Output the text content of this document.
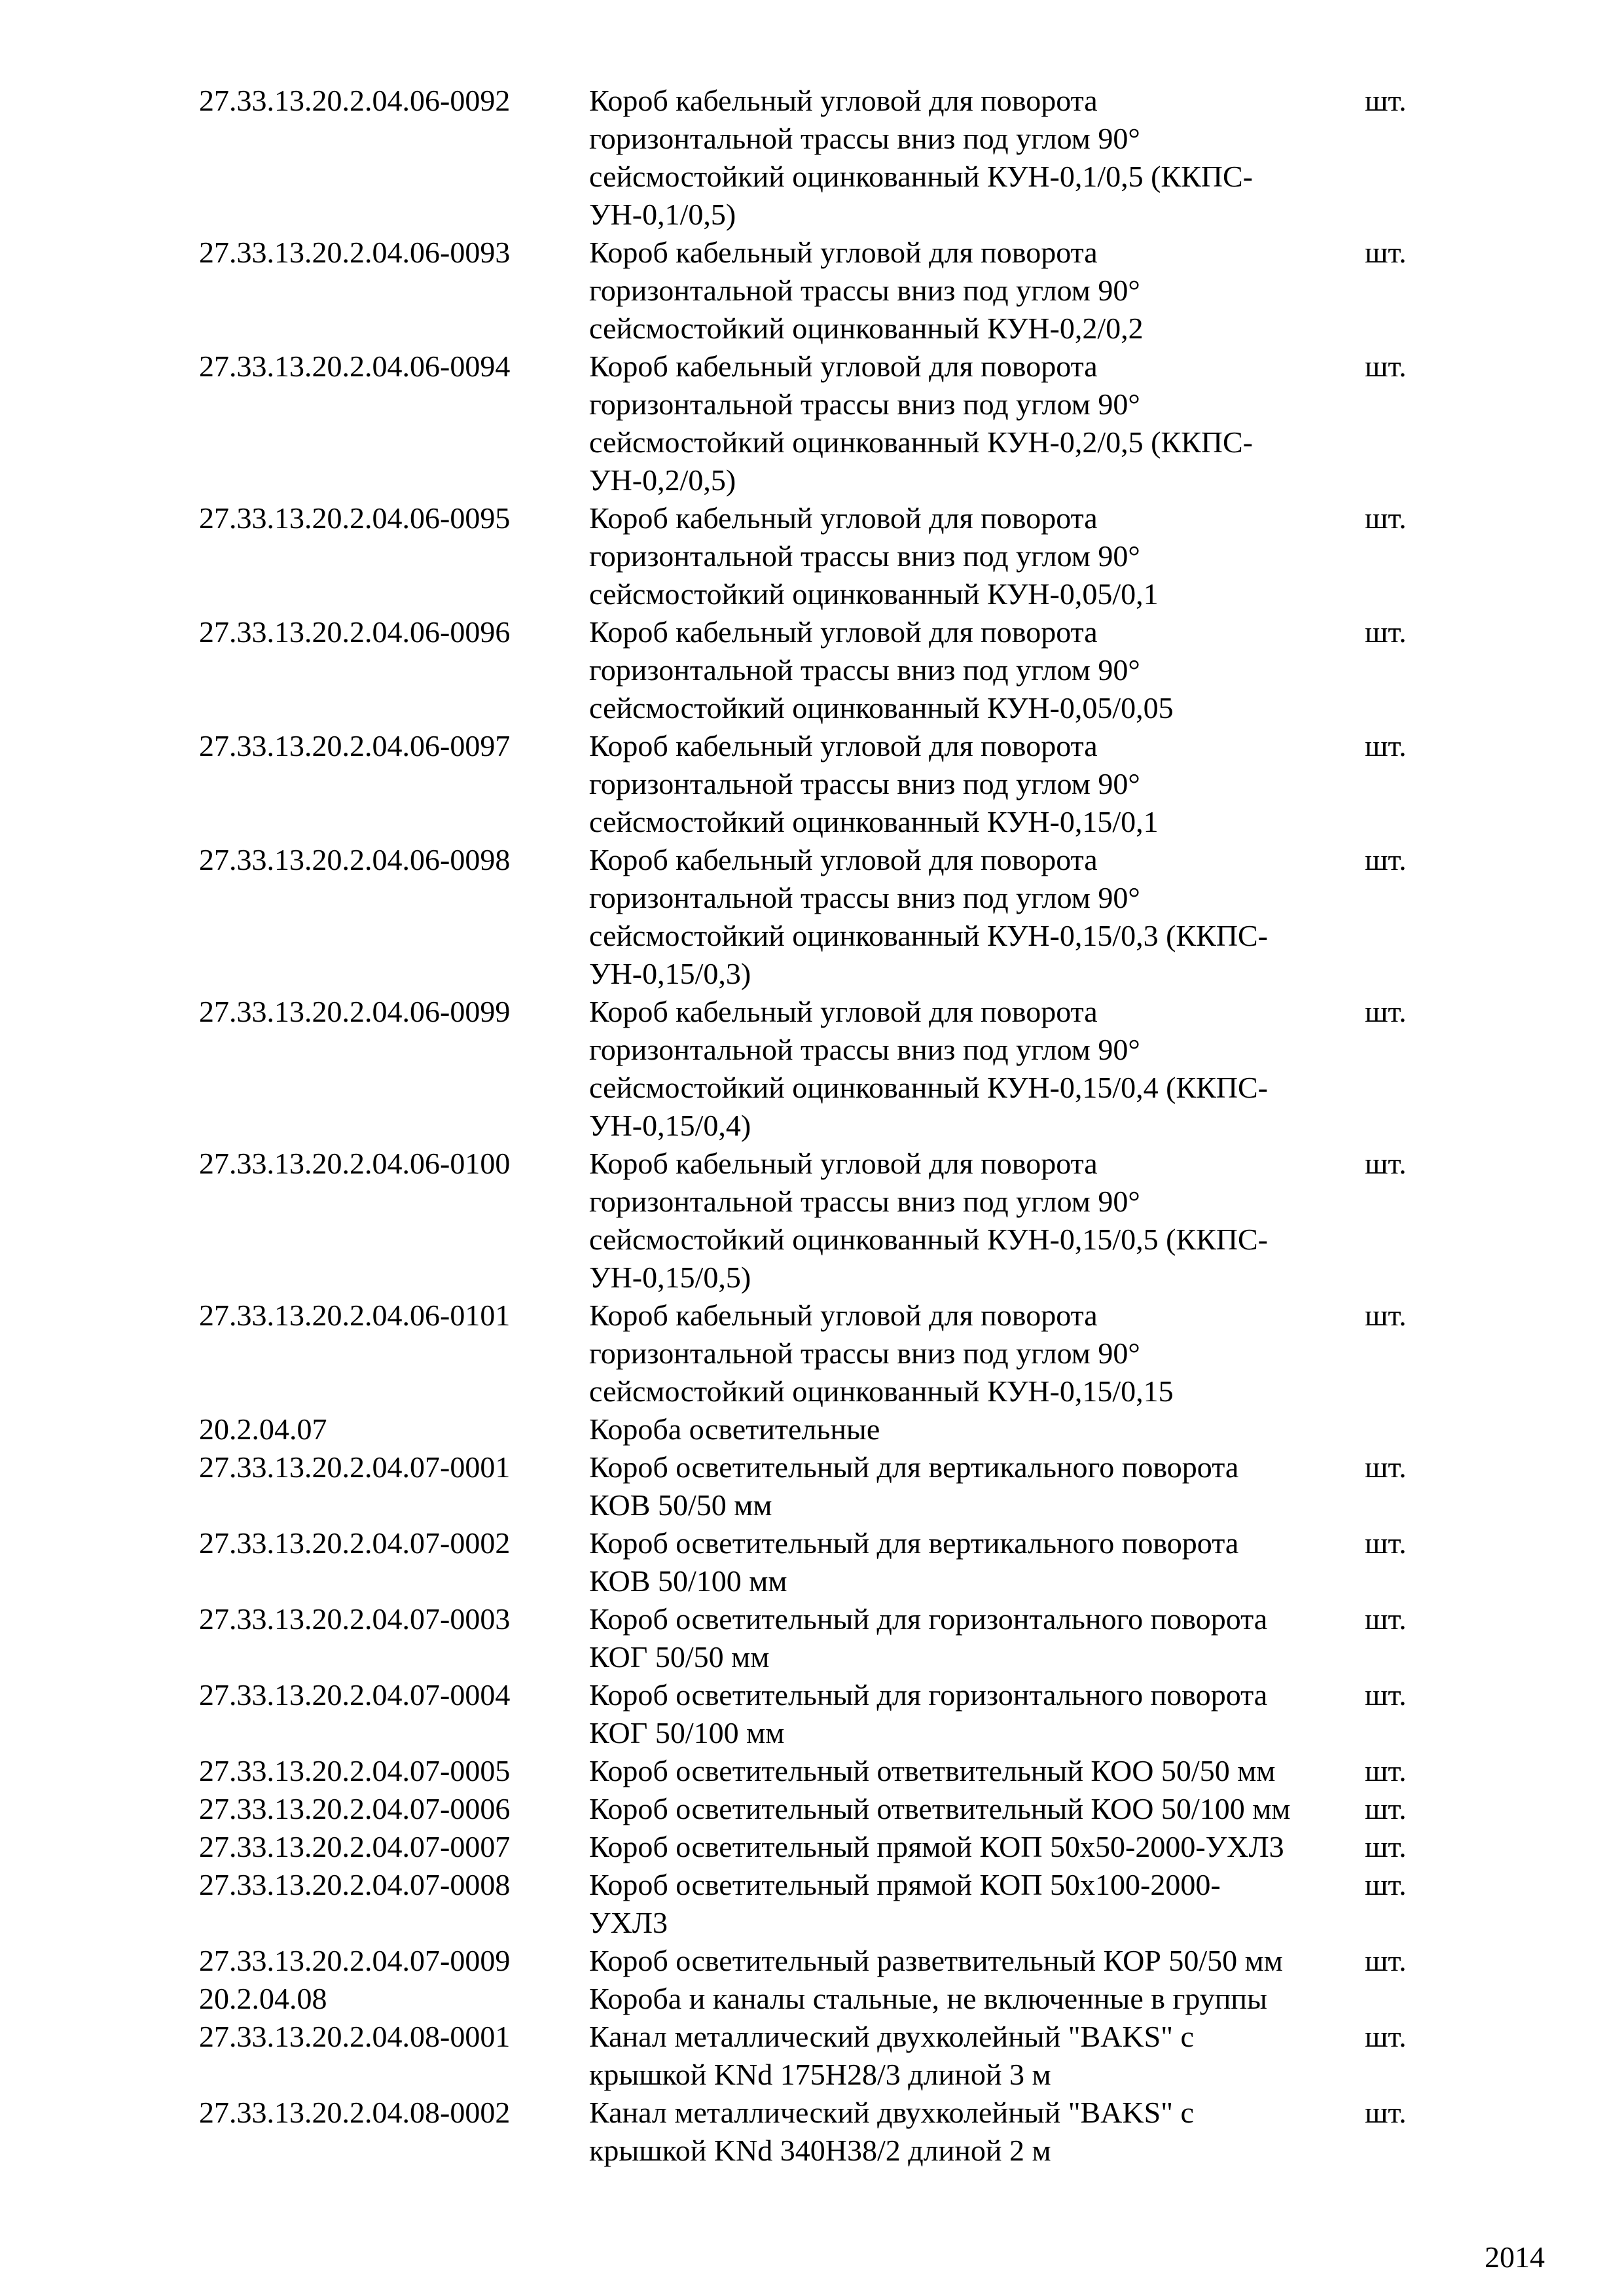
27.33.13.20.2.04.06-0092	Короб кабельный угловой для поворота
горизонтальной трассы вниз под углом 90°
сейсмостойкий оцинкованный КУН-0,1/0,5 (ККПС-
УН-0,1/0,5)
шт.
27.33.13.20.2.04.06-0093	Короб кабельный угловой для поворота
горизонтальной трассы вниз под углом 90°
сейсмостойкий оцинкованный КУН-0,2/0,2
шт.
27.33.13.20.2.04.06-0094	Короб кабельный угловой для поворота
горизонтальной трассы вниз под углом 90°
сейсмостойкий оцинкованный КУН-0,2/0,5 (ККПС-
УН-0,2/0,5)
шт.
27.33.13.20.2.04.06-0095	Короб кабельный угловой для поворота
горизонтальной трассы вниз под углом 90°
сейсмостойкий оцинкованный КУН-0,05/0,1
шт.
27.33.13.20.2.04.06-0096	Короб кабельный угловой для поворота
горизонтальной трассы вниз под углом 90°
сейсмостойкий оцинкованный КУН-0,05/0,05
шт.
27.33.13.20.2.04.06-0097	Короб кабельный угловой для поворота
горизонтальной трассы вниз под углом 90°
сейсмостойкий оцинкованный КУН-0,15/0,1
шт.
27.33.13.20.2.04.06-0098	Короб кабельный угловой для поворота
горизонтальной трассы вниз под углом 90°
сейсмостойкий оцинкованный КУН-0,15/0,3 (ККПС-
УН-0,15/0,3)
шт.
27.33.13.20.2.04.06-0099	Короб кабельный угловой для поворота
горизонтальной трассы вниз под углом 90°
сейсмостойкий оцинкованный КУН-0,15/0,4 (ККПС-
УН-0,15/0,4)
шт.
27.33.13.20.2.04.06-0100	Короб кабельный угловой для поворота
горизонтальной трассы вниз под углом 90°
сейсмостойкий оцинкованный КУН-0,15/0,5 (ККПС-
УН-0,15/0,5)
шт.
27.33.13.20.2.04.06-0101	Короб кабельный угловой для поворота
горизонтальной трассы вниз под углом 90°
сейсмостойкий оцинкованный КУН-0,15/0,15
шт.
20.2.04.07	Короба осветительные
27.33.13.20.2.04.07-0001	Короб осветительный для вертикального поворота
КОВ 50/50 мм
шт.
27.33.13.20.2.04.07-0002	Короб осветительный для вертикального поворота
КОВ 50/100 мм
шт.
27.33.13.20.2.04.07-0003	Короб осветительный для горизонтального поворота
КОГ 50/50 мм
шт.
27.33.13.20.2.04.07-0004	Короб осветительный для горизонтального поворота
КОГ 50/100 мм
шт.
27.33.13.20.2.04.07-0005	Короб осветительный ответвительный КОО 50/50 мм	шт.
27.33.13.20.2.04.07-0006	Короб осветительный ответвительный КОО 50/100 мм шт.
27.33.13.20.2.04.07-0007	Короб осветительный прямой КОП 50х50-2000-УХЛ3	шт.
27.33.13.20.2.04.07-0008	Короб осветительный прямой КОП 50х100-2000-
УХЛ3
шт.
27.33.13.20.2.04.07-0009	Короб осветительный разветвительный КОР 50/50 мм	шт.
20.2.04.08	Короба и каналы стальные, не включенные в группы
27.33.13.20.2.04.08-0001	Канал металлический двухколейный "BAKS" с
крышкой KNd 175H28/3 длиной 3 м
шт.
27.33.13.20.2.04.08-0002	Канал металлический двухколейный "BAKS" с
крышкой KNd 340H38/2 длиной 2 м
шт.
2014
